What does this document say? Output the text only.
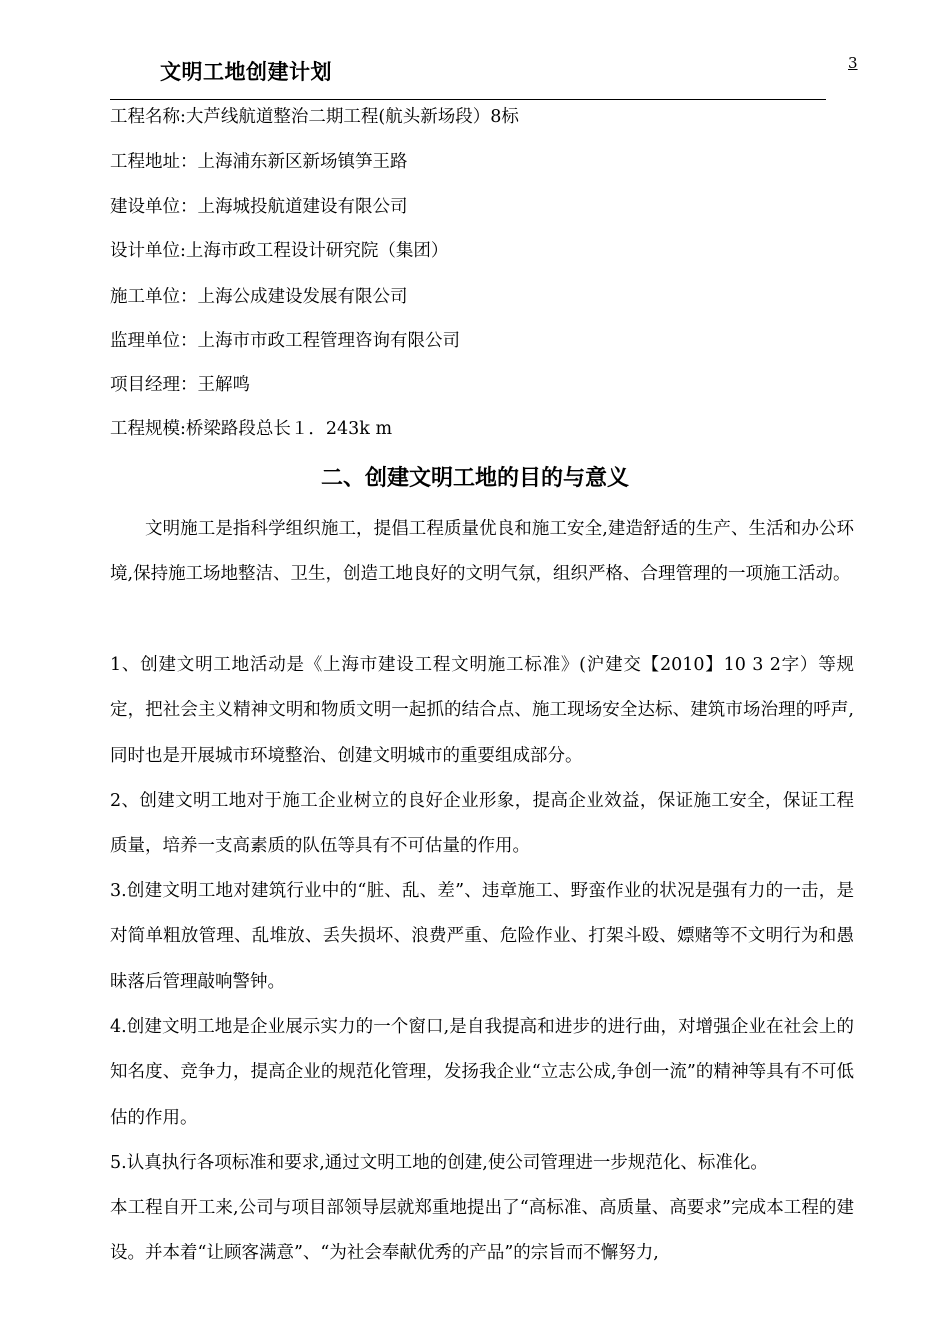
文明工地创建计划	3
工程名称:大芦线航道整治二期工程(航头新场段）8标
工程地址：上海浦东新区新场镇笋王路
建设单位：上海城投航道建设有限公司
设计单位:上海市政工程设计研究院（集团）
施工单位：上海公成建设发展有限公司
监理单位：上海市市政工程管理咨询有限公司
项目经理：王解鸣
工程规模:桥梁路段总长１．243k m
二、创建文明工地的目的与意义

文明施工是指科学组织施工，提倡工程质量优良和施工安全,建造舒适的生产、生活和办公环境,保持施工场地整洁、卫生，创造工地良好的文明气氛，组织严格、合理管理的一项施工活动。

1、创建文明工地活动是《上海市建设工程文明施工标准》(沪建交【2010】10 3 2字）等规定，把社会主义精神文明和物质文明一起抓的结合点、施工现场安全达标、建筑市场治理的呼声,同时也是开展城市环境整治、创建文明城市的重要组成部分。

2、创建文明工地对于施工企业树立的良好企业形象，提高企业效益，保证施工安全，保证工程质量，培养一支高素质的队伍等具有不可估量的作用。

3.创建文明工地对建筑行业中的“脏、乱、差”、违章施工、野蛮作业的状况是强有力的一击，是对简单粗放管理、乱堆放、丢失损坏、浪费严重、危险作业、打架斗殴、嫖赌等不文明行为和愚昧落后管理敲响警钟。

4.创建文明工地是企业展示实力的一个窗口,是自我提高和进步的进行曲，对增强企业在社会上的知名度、竞争力，提高企业的规范化管理，发扬我企业“立志公成,争创一流”的精神等具有不可低估的作用。

5.认真执行各项标准和要求,通过文明工地的创建,使公司管理进一步规范化、标准化。

本工程自开工来,公司与项目部领导层就郑重地提出了“高标准、高质量、高要求”完成本工程的建设。并本着“让顾客满意”、“为社会奉献优秀的产品”的宗旨而不懈努力,
